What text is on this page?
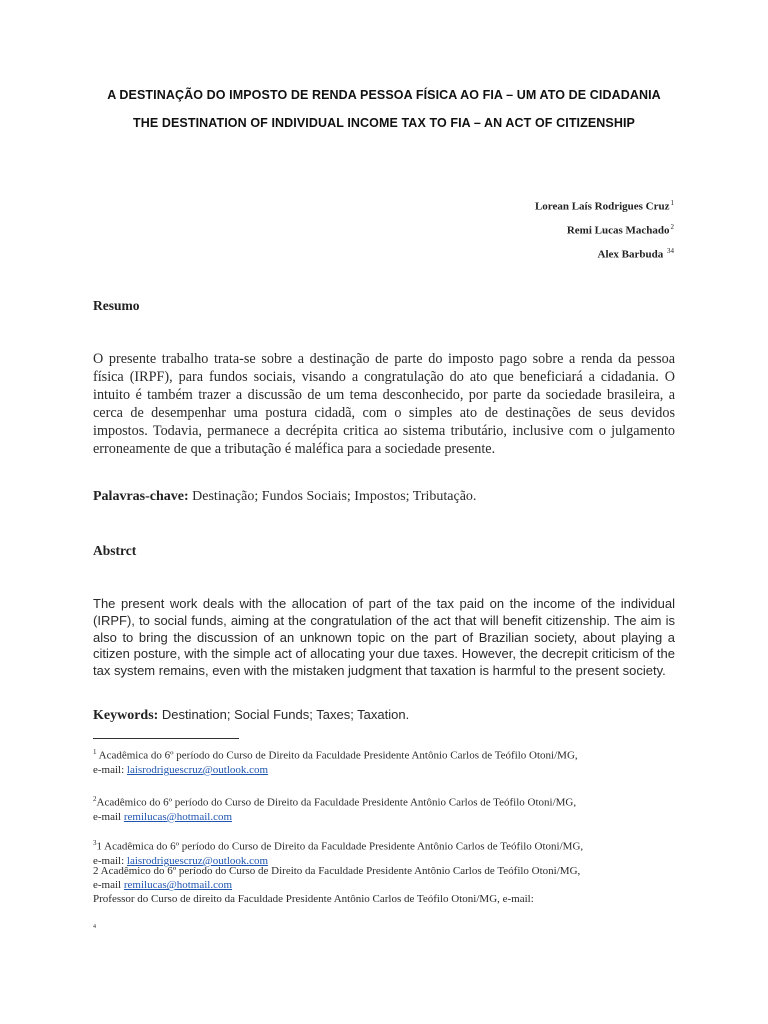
A DESTINAÇÃO DO IMPOSTO DE RENDA PESSOA FÍSICA AO FIA – UM ATO DE CIDADANIA
THE DESTINATION OF INDIVIDUAL INCOME TAX TO FIA – AN ACT OF CITIZENSHIP
Lorean Laís Rodrigues Cruz$^1$
Remi Lucas Machado$^2$
Alex Barbuda $^{34}$
Resumo

O presente trabalho trata-se sobre a destinação de parte do imposto pago sobre a renda da pessoa física (IRPF), para fundos sociais, visando a congratulação do ato que beneficiará a cidadania. O intuito é também trazer a discussão de um tema desconhecido, por parte da sociedade brasileira, a cerca de desempenhar uma postura cidadã, com o simples ato de destinações de seus devidos impostos. Todavia, permanece a decrépita critica ao sistema tributário, inclusive com o julgamento erroneamente de que a tributação é maléfica para a sociedade presente.

Palavras-chave: Destinação; Fundos Sociais; Impostos; Tributação.
Abstrct

The present work deals with the allocation of part of the tax paid on the income of the individual (IRPF), to social funds, aiming at the congratulation of the act that will benefit citizenship. The aim is also to bring the discussion of an unknown topic on the part of Brazilian society, about playing a citizen posture, with the simple act of allocating your due taxes. However, the decrepit criticism of the tax system remains, even with the mistaken judgment that taxation is harmful to the present society.

Keywords: Destination; Social Funds; Taxes; Taxation.

$^1$ Acadêmica do 6º período do Curso de Direito da Faculdade Presidente Antônio Carlos de Teófilo Otoni/MG,
e-mail: laisrodriguescruz@outlook.com

$^2$Acadêmico do 6º período do Curso de Direito da Faculdade Presidente Antônio Carlos de Teófilo Otoni/MG,
e-mail remilucas@hotmail.com

$^3$1 Acadêmica do 6º período do Curso de Direito da Faculdade Presidente Antônio Carlos de Teófilo Otoni/MG,
e-mail: laisrodriguescruz@outlook.com

2 Acadêmico do 6º período do Curso de Direito da Faculdade Presidente Antônio Carlos de Teófilo Otoni/MG,
e-mail remilucas@hotmail.com

Professor do Curso de direito da Faculdade Presidente Antônio Carlos de Teófilo Otoni/MG, e-mail:

4
